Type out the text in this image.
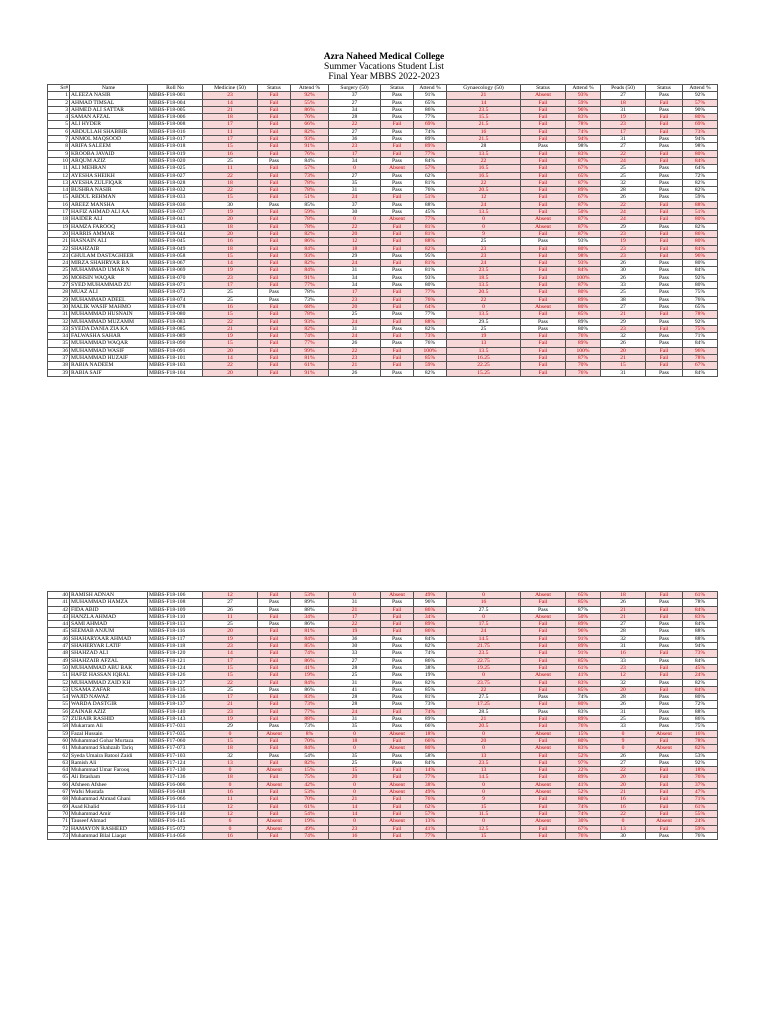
Azra Naheed Medical College
Summer Vacations Student List
Final Year MBBS 2022-2023
Sr#	Name	Roll No	Medicine (50)	Status	Attend %	Surgery (50)	Status	Attend %	Gynaecology (50)	Status	Attend %	Peads (50)	Status	Attend %
1	ALEEZA NASIR	MBBS-F18-001	23	Fail	92%	37	Pass	91%	21	Absent	93%	27	Pass	92%
2	AHMAD TIMSAL	MBBS-F18-004	14	Fail	55%	27	Pass	65%	14	Fail	59%	18	Fail	57%
3	AHMED ALI SATTAR	MBBS-F18-005	21	Fail	86%	34	Pass	86%	23.5	Fail	96%	31	Pass	90%
4	SAMAN AFZAL	MBBS-F18-006	18	Fail	76%	28	Pass	77%	15.5	Fail	83%	19	Fail	80%
5	ALI HYDER	MBBS-F18-008	17	Fail	66%	22	Fail	69%	21.5	Fail	78%	23	Fail	69%
6	ABDULLAH SHABBIR	MBBS-F18-016	11	Fail	82%	27	Pass	74%	16	Fail	74%	17	Fail	73%
7	ANMOL MAQSOOD	MBBS-F18-017	17	Fail	93%	36	Pass	89%	21.5	Fail	94%	31	Pass	94%
8	ARIFA SALEEM	MBBS-F18-018	15	Fail	91%	23	Fail	89%	28	Pass	98%	27	Pass	98%
9	KROOBA JAVAID	MBBS-F18-019	16	Fail	76%	17	Fail	77%	13.5	Fail	83%	22	Fail	80%
10	ARQUM AZIZ	MBBS-F18-020	25	Pass	84%	34	Pass	84%	22	Fail	87%	24	Fail	84%
11	ALI MEHRAN	MBBS-F18-025	11	Fail	57%	0	Absent	57%	16.5	Fail	67%	25	Pass	64%
12	AYESHA SHEIKH	MBBS-F18-027	22	Fail	73%	27	Pass	62%	16.5	Fail	65%	25	Pass	72%
13	AYESHA ZULFIQAR	MBBS-F18-028	18	Fail	78%	35	Pass	81%	22	Fail	87%	32	Pass	82%
14	BUSHRA NASIR	MBBS-F18-032	22	Fail	78%	31	Pass	76%	20.5	Fail	89%	28	Pass	82%
15	ABDUL REHMAN	MBBS-F18-033	15	Fail	51%	24	Fail	51%	12	Fail	67%	26	Pass	59%
16	AREEZ MANSHA	MBBS-F18-036	30	Pass	85%	37	Pass	88%	24	Fail	87%	22	Fail	88%
17	HAFIZ AHMAD ALI AA	MBBS-F18-037	19	Fail	59%	30	Pass	45%	13.5	Fail	50%	24	Fail	51%
18	HAIDER ALI	MBBS-F18-041	20	Fail	78%	0	Absent	77%	0	Absent	87%	24	Fail	80%
19	HAMZA FAROOQ	MBBS-F18-043	18	Fail	78%	22	Fail	81%	0	Absent	87%	29	Pass	82%
20	HARRIS AMMAR	MBBS-F18-044	20	Fail	82%	20	Fail	81%	9	Fail	87%	23	Fail	86%
21	HASNAIN ALI	MBBS-F18-045	16	Fail	86%	12	Fail	88%	25	Pass	93%	19	Fail	80%
22	SHAHZAIB	MBBS-F18-049	18	Fail	84%	18	Fail	82%	23	Fail	80%	23	Fail	84%
23	GHULAM DASTAGHEER	MBBS-F18-058	15	Fail	93%	29	Pass	95%	23	Fail	98%	23	Fail	96%
24	MIRZA SHAHRYAR BA	MBBS-F18-067	14	Fail	82%	24	Fail	81%	24	Fail	93%	26	Pass	80%
25	MUHAMMAD UMAR N	MBBS-F18-069	19	Fail	84%	31	Pass	81%	23.5	Fail	84%	30	Pass	84%
26	MOHSIN WAQAR	MBBS-F18-070	23	Fail	91%	34	Pass	93%	18.5	Fail	100%	26	Pass	92%
27	SYED MUHAMMAD ZU	MBBS-F18-071	17	Fail	77%	34	Pass	80%	13.5	Fail	87%	33	Pass	80%
28	MUAZ ALI	MBBS-F18-072	25	Pass	78%	17	Fail	77%	20.5	Fail	80%	25	Pass	75%
29	MUHAMMAD ADEEL	MBBS-F18-074	25	Pass	73%	23	Fail	76%	22	Fail	89%	38	Pass	76%
30	MALIK WASIF MAHMO	MBBS-F18-078	16	Fail	68%	20	Fail	64%	0	Absent	80%	27	Pass	65%
31	MUHAMMAD HUSNAIN	MBBS-F18-080	15	Fail	78%	25	Pass	77%	13.5	Fail	85%	21	Fail	78%
32	MUHAMMAD MUZAMM	MBBS-F18-083	22	Fail	93%	24	Fail	88%	29.5	Pass	89%	29	Pass	92%
33	SYEDA DANIA ZIA KA	MBBS-F18-085	21	Fail	82%	31	Pass	82%	25	Pass	80%	23	Fail	75%
34	FALWASHA SAHAR	MBBS-F18-089	19	Fail	74%	24	Fail	73%	19	Fail	76%	32	Pass	71%
35	MUHAMMAD WAQAR	MBBS-F18-090	15	Fail	77%	26	Pass	76%	13	Fail	89%	26	Pass	84%
36	MUHAMMAD WASIF	MBBS-F18-091	20	Fail	99%	22	Fail	100%	13.5	Fail	100%	20	Fail	96%
37	MUHAMMAD HUZAIF	MBBS-F18-101	14	Fail	81%	23	Fail	85%	16.25	Fail	87%	21	Fail	78%
38	RABIA NADEEM	MBBS-F18-103	22	Fail	61%	21	Fail	59%	22.25	Fail	70%	15	Fail	67%
39	RABIA SAIF	MBBS-F18-104	20	Fail	91%	26	Pass	82%	15.25	Fail	76%	31	Pass	84%
40	RAMISH ADNAN	MBBS-F18-106	12	Fail	53%	0	Absent	49%	0	Absent	65%	18	Fail	61%
41	MUHAMMAD HAMZA	MBBS-F18-108	27	Pass	89%	31	Pass	96%	16	Fail	85%	26	Pass	78%
42	FIDA ABID	MBBS-F18-109	26	Pass	88%	21	Fail	86%	27.5	Pass	87%	21	Fail	84%
43	HANZLA AHMAD	MBBS-F18-110	11	Fail	34%	17	Fail	34%	0	Absent	50%	21	Fail	83%
44	SAMI AHMAD	MBBS-F18-113	25	Pass	86%	22	Fail	89%	17.5	Fail	89%	27	Pass	84%
45	SEEMAB ANJUM	MBBS-F18-116	20	Fail	81%	19	Fail	86%	24	Fail	96%	28	Pass	88%
46	SHAHARYAAR AHMAD	MBBS-F18-117	19	Fail	84%	36	Pass	84%	14.5	Fail	91%	32	Pass	88%
47	SHAHERYAR LATIF	MBBS-F18-118	23	Fail	85%	30	Pass	82%	21.75	Fail	89%	31	Pass	94%
48	SHAHZAD ALI	MBBS-F18-120	14	Fail	74%	33	Pass	74%	23.5	Fail	91%	16	Fail	73%
49	SHAHZAIB AFZAL	MBBS-F18-121	17	Fail	86%	27	Pass	86%	22.75	Fail	85%	33	Pass	84%
50	MUHAMMAD ABU BAK	MBBS-F18-124	15	Fail	41%	28	Pass	38%	19.25	Fail	61%	23	Fail	45%
51	HAFIZ HASSAN IQBAL	MBBS-F18-126	15	Fail	19%	25	Pass	19%	0	Absent	41%	12	Fail	24%
52	MUHAMMAD ZAID KH	MBBS-F18-127	22	Fail	84%	31	Pass	82%	23.75	Fail	83%	32	Pass	82%
53	USAMA ZAFAR	MBBS-F18-135	25	Pass	86%	41	Pass	85%	22	Fail	85%	20	Fail	84%
54	WAJID NAWAZ	MBBS-F18-136	17	Fail	83%	28	Pass	81%	27.5	Pass	74%	28	Pass	80%
55	WARDA DASTGIR	MBBS-F18-137	21	Fail	73%	28	Pass	73%	17.25	Fail	80%	26	Pass	72%
56	ZAINAB AZIZ	MBBS-F18-140	23	Fail	77%	24	Fail	74%	28.5	Pass	83%	31	Pass	88%
57	ZUBAIR RASHID	MBBS-F18-143	19	Fail	88%	31	Pass	89%	21	Fail	89%	25	Pass	86%
58	Mukarram Ali	MBBS-F17-031	29	Pass	73%	35	Pass	66%	20.5	Fail	76%	33	Pass	75%
59	Fazal Hussain	MBBS-F17-035	0	Absent	8%	0	Absent	18%	0	Absent	15%	0	Absent	16%
60	Muhammad Gohar Murtaza	MBBS-F17-060	15	Fail	70%	18	Fail	66%	20	Fail	80%	9	Fail	78%
61	Muhammad Shahzaib Tariq	MBBS-F17-073	18	Fail	84%	0	Absent	80%	0	Absent	83%	0	Absent	82%
62	Syeda Umaira Batool Zaidi	MBBS-F17-103	32	Pass	54%	35	Pass	58%	13	Fail	52%	26	Pass	53%
63	Ramish Ali	MBBS-F17-124	13	Fail	82%	25	Pass	84%	23.5	Fail	97%	27	Pass	92%
64	Muhammad Umar Farooq	MBBS-F17-130	0	Absent	15%	15	Fail	14%	13	Fail	22%	22	Fail	18%
65	Ali Ibtasham	MBBS-F17-136	18	Fail	75%	20	Fail	77%	14.5	Fail	89%	20	Fail	76%
66	Afsheen Afshee	MBBS-F16-006	0	Absent	42%	0	Absent	38%	0	Absent	41%	20	Fail	37%
67	Wafsi Mustafa	MBBS-F16-048	16	Fail	53%	0	Absent	49%	0	Absent	52%	21	Fail	47%
68	Muhammad Ahmad Ghani	MBBS-F16-066	11	Fail	70%	21	Fail	76%	9	Fail	80%	16	Fail	71%
69	Asad Khalid	MBBS-F16-114	12	Fail	61%	14	Fail	62%	15	Fail	74%	16	Fail	61%
70	Muhammad Amir	MBBS-F16-140	12	Fail	54%	14	Fail	57%	11.5	Fail	74%	22	Fail	55%
71	Tauseef Ahmad	MBBS-F16-145	6	Absent	19%	0	Absent	13%	0	Absent	30%	0	Absent	24%
72	HAMAYON RASHEED	MBBS-F15-072	0	Absent	49%	23	Fail	41%	12.5	Fail	67%	13	Fail	59%
73	Muhammad Bilal Liaqat	MBBS-F14-056	16	Fail	74%	16	Fail	77%	15	Fail	76%	30	Pass	76%
